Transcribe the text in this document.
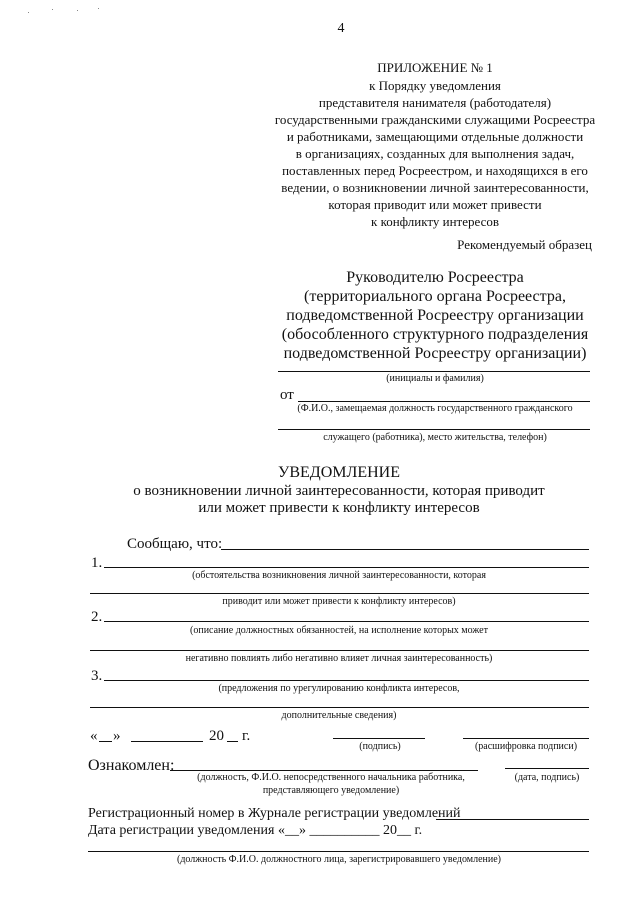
4
ПРИЛОЖЕНИЕ № 1
к Порядку уведомления
представителя нанимателя (работодателя)
государственными гражданскими служащими Росреестра
и работниками, замещающими отдельные должности
в организациях, созданных для выполнения задач,
поставленных перед Росреестром, и находящихся в его
ведении, о возникновении личной заинтересованности,
которая приводит или может привести
к конфликту интересов
Рекомендуемый образец
Руководителю Росреестра
(территориального органа Росреестра,
подведомственной Росреестру организации
(обособленного структурного подразделения
подведомственной Росреестру организации)
(инициалы и фамилия)
от
(Ф.И.О., замещаемая должность государственного гражданского
служащего (работника), место жительства, телефон)
УВЕДОМЛЕНИЕ
о возникновении личной заинтересованности, которая приводит
или может привести к конфликту интересов
Сообщаю, что:
1.
(обстоятельства возникновения личной заинтересованности, которая
приводит или может привести к конфликту интересов)
2.
(описание должностных обязанностей, на исполнение которых может
негативно повлиять либо негативно влияет личная заинтересованность)
3.
(предложения по урегулированию конфликта интересов,
дополнительные сведения)
« »	20 г.
(подпись)	(расшифровка подписи)
Ознакомлен:
(должность, Ф.И.О. непосредственного начальника работника,
представляющего уведомление)
(дата, подпись)
Регистрационный номер в Журнале регистрации уведомлений
Дата регистрации уведомления «__» __________ 20__ г.
(должность Ф.И.О. должностного лица, зарегистрировавшего уведомление)
